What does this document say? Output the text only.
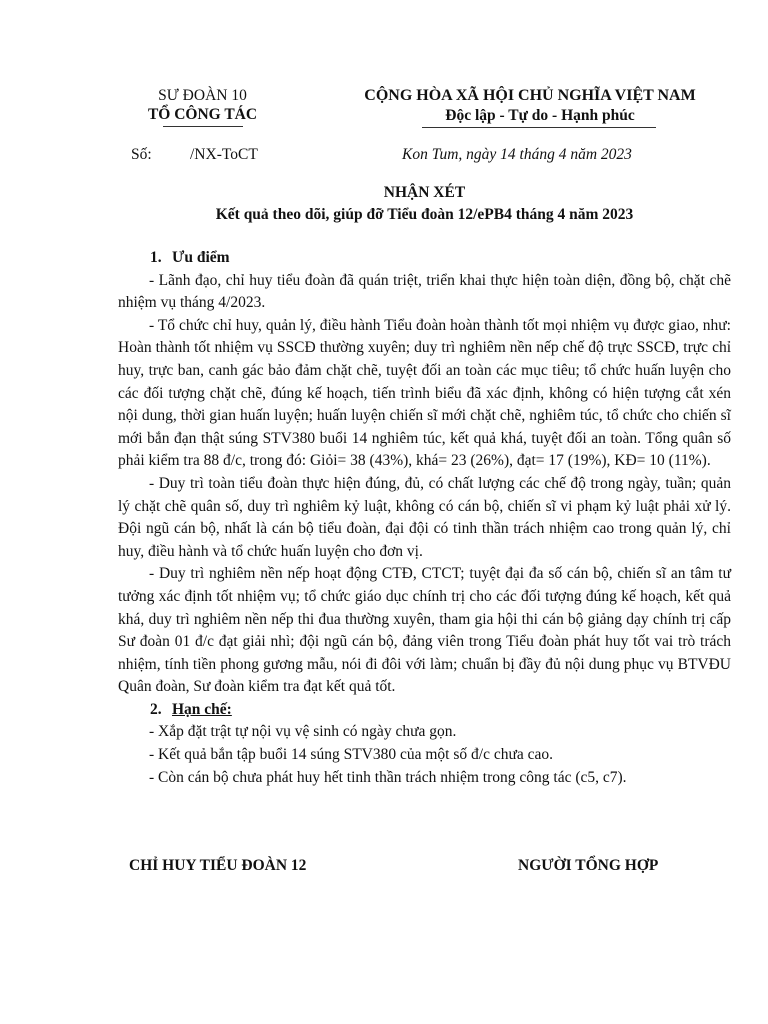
SƯ ĐOÀN 10
TỔ CÔNG TÁC
CỘNG HÒA XÃ HỘI CHỦ NGHĨA VIỆT NAM
Độc lập - Tự do - Hạnh phúc
Số: /NX-ToCT	Kon Tum, ngày 14 tháng 4 năm 2023
NHẬN XÉT
Kết quả theo dõi, giúp đỡ Tiểu đoàn 12/ePB4 tháng 4 năm 2023
1. Ưu điểm

- Lãnh đạo, chỉ huy tiểu đoàn đã quán triệt, triển khai thực hiện toàn diện, đồng bộ, chặt chẽ nhiệm vụ tháng 4/2023.

- Tổ chức chỉ huy, quản lý, điều hành Tiểu đoàn hoàn thành tốt mọi nhiệm vụ được giao, như: Hoàn thành tốt nhiệm vụ SSCĐ thường xuyên; duy trì nghiêm nền nếp chế độ trực SSCĐ, trực chỉ huy, trực ban, canh gác bảo đảm chặt chẽ, tuyệt đối an toàn các mục tiêu; tổ chức huấn luyện cho các đối tượng chặt chẽ, đúng kế hoạch, tiến trình biểu đã xác định, không có hiện tượng cắt xén nội dung, thời gian huấn luyện; huấn luyện chiến sĩ mới chặt chẽ, nghiêm túc, tổ chức cho chiến sĩ mới bắn đạn thật súng STV380 buổi 14 nghiêm túc, kết quả khá, tuyệt đối an toàn. Tổng quân số phải kiểm tra 88 đ/c, trong đó: Giỏi= 38 (43%), khá= 23 (26%), đạt= 17 (19%), KĐ= 10 (11%).

- Duy trì toàn tiểu đoàn thực hiện đúng, đủ, có chất lượng các chế độ trong ngày, tuần; quản lý chặt chẽ quân số, duy trì nghiêm kỷ luật, không có cán bộ, chiến sĩ vi phạm kỷ luật phải xử lý. Đội ngũ cán bộ, nhất là cán bộ tiểu đoàn, đại đội có tinh thần trách nhiệm cao trong quản lý, chỉ huy, điều hành và tổ chức huấn luyện cho đơn vị.

- Duy trì nghiêm nền nếp hoạt động CTĐ, CTCT; tuyệt đại đa số cán bộ, chiến sĩ an tâm tư tưởng xác định tốt nhiệm vụ; tổ chức giáo dục chính trị cho các đối tượng đúng kế hoạch, kết quả khá, duy trì nghiêm nền nếp thi đua thường xuyên, tham gia hội thi cán bộ giảng dạy chính trị cấp Sư đoàn 01 đ/c đạt giải nhì; đội ngũ cán bộ, đảng viên trong Tiểu đoàn phát huy tốt vai trò trách nhiệm, tính tiền phong gương mẫu, nói đi đôi với làm; chuẩn bị đầy đủ nội dung phục vụ BTVĐU Quân đoàn, Sư đoàn kiểm tra đạt kết quả tốt.

2. Hạn chế:

- Xắp đặt trật tự nội vụ vệ sinh có ngày chưa gọn.

- Kết quả bắn tập buổi 14 súng STV380 của một số đ/c chưa cao.

- Còn cán bộ chưa phát huy hết tinh thần trách nhiệm trong công tác (c5, c7).

CHỈ HUY TIỂU ĐOÀN 12	NGƯỜI TỔNG HỢP
